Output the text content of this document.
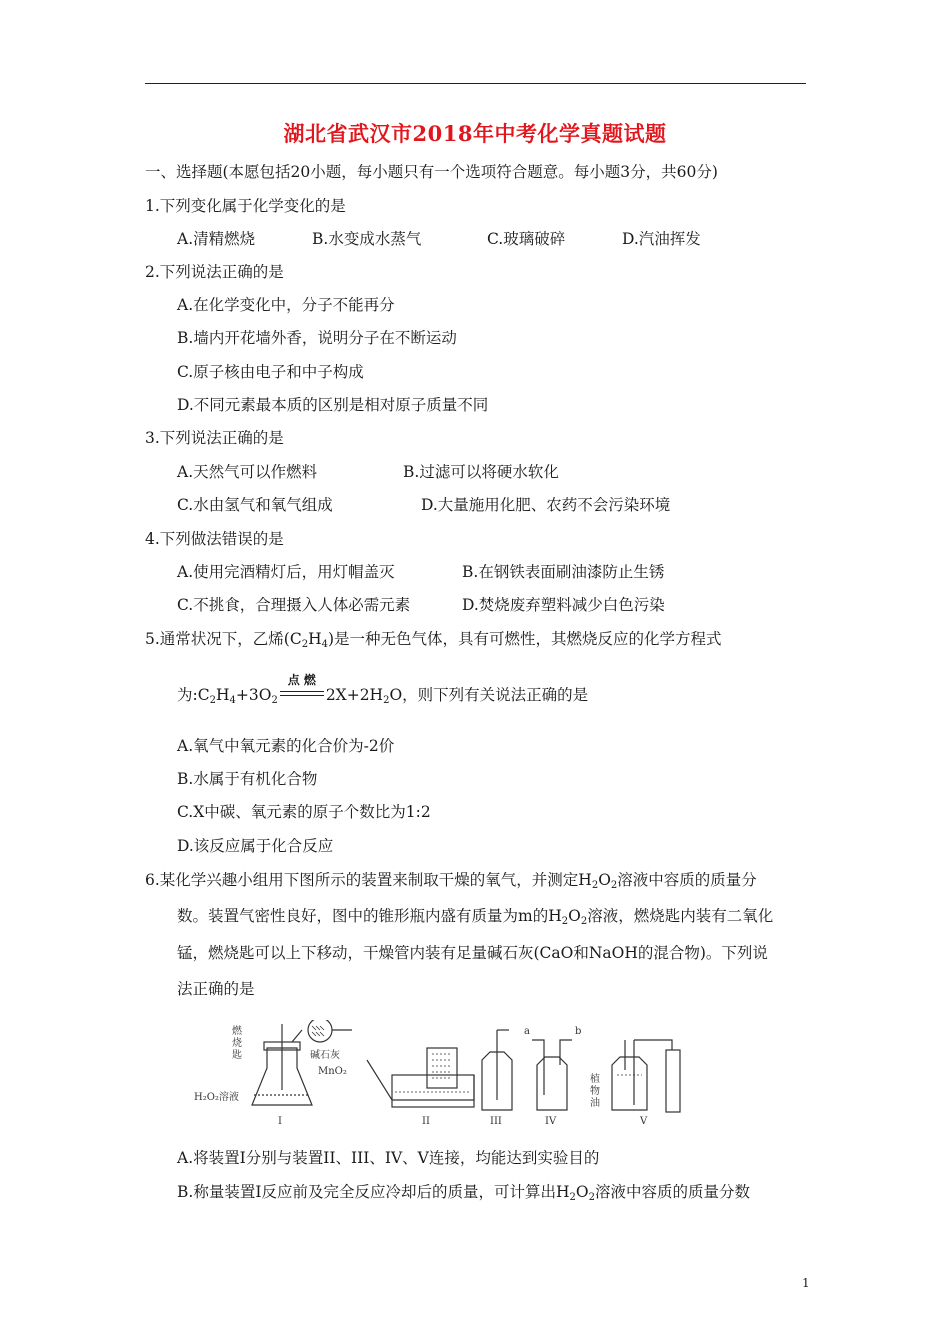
湖北省武汉市2018年中考化学真题试题
一、选择题(本愿包括20小题，每小题只有一个选项符合题意。每小题3分，共60分)
1.下列变化属于化学变化的是
A.清精燃烧	B.水变成水蒸气	C.玻璃破碎	D.汽油挥发
2.下列说法正确的是
A.在化学变化中，分子不能再分
B.墙内开花墙外香，说明分子在不断运动
C.原子核由电子和中子构成
D.不同元素最本质的区别是相对原子质量不同
3.下列说法正确的是
A.天然气可以作燃料	B.过滤可以将硬水软化
C.水由氢气和氧气组成	D.大量施用化肥、农药不会污染环境
4.下列做法错误的是
A.使用完酒精灯后，用灯帽盖灭	B.在钢铁表面刷油漆防止生锈
C.不挑食，合理摄入人体必需元素	D.焚烧废弃塑料减少白色污染
5.通常状况下，乙烯$(C_2H_4)$是一种无色气体，具有可燃性，其燃烧反应的化学方程式
为$:C_2H_4+3O_2$
点 燃
$2X+2H_2O$，则下列有关说法正确的是
A.氧气中氧元素的化合价为-2价
B.水属于有机化合物
C.X中碳、氧元素的原子个数比为1:2
D.该反应属于化合反应
6.某化学兴趣小组用下图所示的装置来制取干燥的氧气，并测定$H_2O_2$溶液中容质的质量分
数。装置气密性良好，图中的锥形瓶内盛有质量为m的$H_2O_2$溶液，燃烧匙内装有二氧化
锰，燃烧匙可以上下移动，干燥管内装有足量碱石灰(CaO和NaOH的混合物)。下列说
法正确的是
燃
烧
匙	碱石灰
MnO₂
H₂O₂溶液
I	II	III
a	b
IV
植
物
油
V
A.将装置I分别与装置II、III、IV、V连接，均能达到实验目的
B.称量装置I反应前及完全反应冷却后的质量，可计算出$H_2O_2$溶液中容质的质量分数
1
